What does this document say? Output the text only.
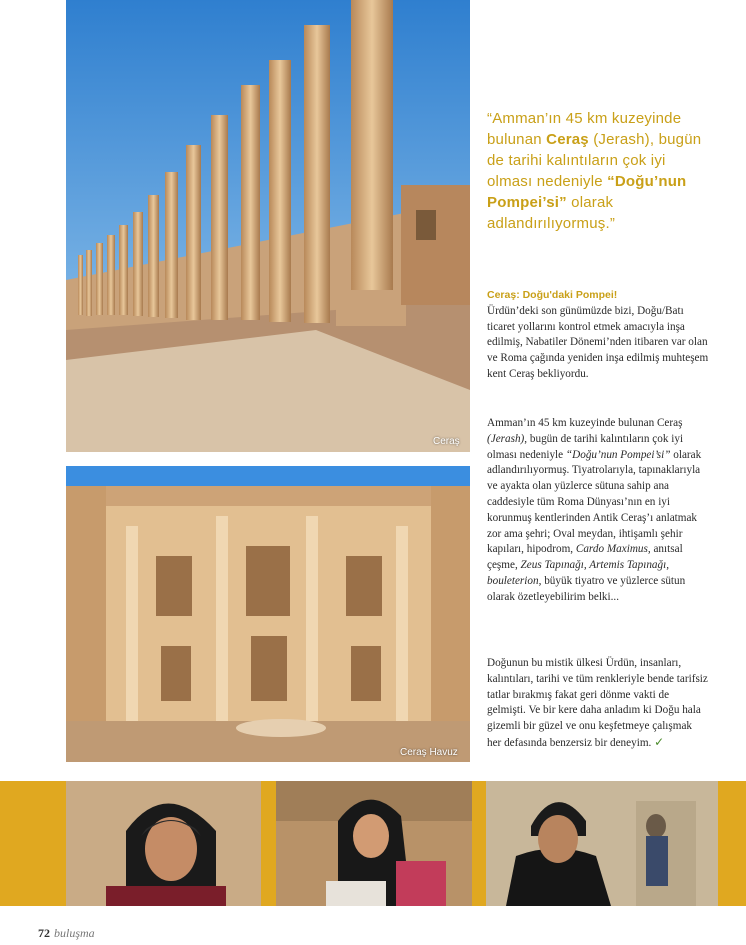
Ceraş
Ceraş Havuz
“Amman’ın 45 km kuzeyinde bulunan Ceraş (Jerash), bugün de tarihi kalıntıların çok iyi olması nedeniyle “Doğu’nun Pompei’si” olarak adlandırılıyormuş.”
Ceraş: Doğu'daki Pompei!
Ürdün’deki son günümüzde bizi, Doğu/Batı ticaret yollarını kontrol etmek amacıyla inşa edilmiş, Nabatiler Dönemi’nden itibaren var olan ve Roma çağında yeniden inşa edilmiş muhteşem kent Ceraş bekliyordu.
Amman’ın 45 km kuzeyinde bulunan Ceraş (Jerash), bugün de tarihi kalıntıların çok iyi olması nedeniyle “Doğu’nun Pompei’si” olarak adlandırılıyormuş. Tiyatrolarıyla, tapınaklarıyla ve ayakta olan yüzlerce sütuna sahip ana caddesiyle tüm Roma Dünyası’nın en iyi korunmuş kentlerinden Antik Ceraş’ı anlatmak zor ama şehri; Oval meydan, ihtişamlı şehir kapıları, hipodrom, Cardo Maximus, anıtsal çeşme, Zeus Tapınağı, Artemis Tapınağı, bouleterion, büyük tiyatro ve yüzlerce sütun olarak özetleyebilirim belki...
Doğunun bu mistik ülkesi Ürdün, insanları, kalıntıları, tarihi ve tüm renkleriyle bende tarifsiz tatlar bırakmış fakat geri dönme vakti de gelmişti. Ve bir kere daha anladım ki Doğu hala gizemli bir güzel ve onu keşfetmeye çalışmak her defasında benzersiz bir deneyim. ✓
72 buluşma
